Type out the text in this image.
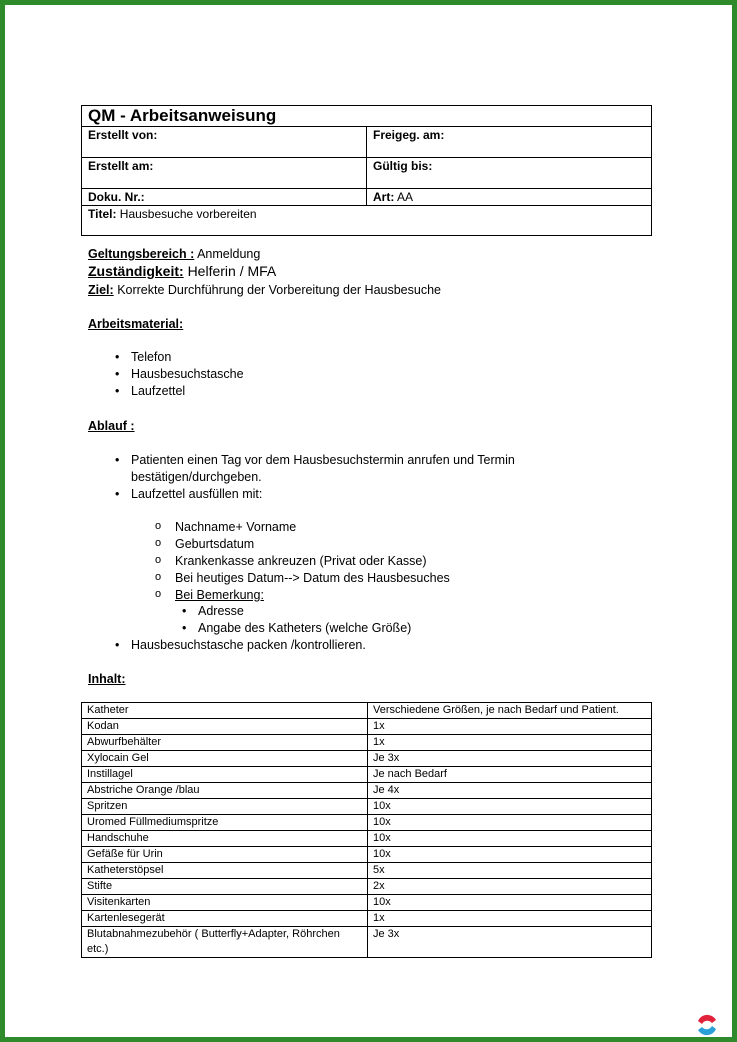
QM - Arbeitsanweisung	
Erstellt von:	Freigeg. am:
Erstellt am:	Gültig bis:
Doku. Nr.:	Art: AA
Titel: Hausbesuche vorbereiten	
Geltungsbereich : Anmeldung
Zuständigkeit: Helferin / MFA
Ziel: Korrekte Durchführung der Vorbereitung der Hausbesuche
Arbeitsmaterial:
• Telefon
• Hausbesuchstasche
• Laufzettel
Ablauf :
• Patienten einen Tag vor dem Hausbesuchstermin anrufen und Termin
bestätigen/durchgeben.
• Laufzettel ausfüllen mit:
o Nachname+ Vorname
o Geburtsdatum
o Krankenkasse ankreuzen (Privat oder Kasse)
o Bei heutiges Datum--> Datum des Hausbesuches
o Bei Bemerkung:
• Adresse
• Angabe des Katheters (welche Größe)
• Hausbesuchstasche packen /kontrollieren.
Inhalt:
Katheter	Verschiedene Größen, je nach Bedarf und Patient.
Kodan	1x
Abwurfbehälter	1x
Xylocain Gel	Je 3x
Instillagel	Je nach Bedarf
Abstriche Orange /blau	Je 4x
Spritzen	10x
Uromed Füllmediumspritze	10x
Handschuhe	10x
Gefäße für Urin	10x
Katheterstöpsel	5x
Stifte	2x
Visitenkarten	10x
Kartenlesegerät	1x
Blutabnahmezubehör ( Butterfly+Adapter, Röhrchen etc.)	Je 3x
